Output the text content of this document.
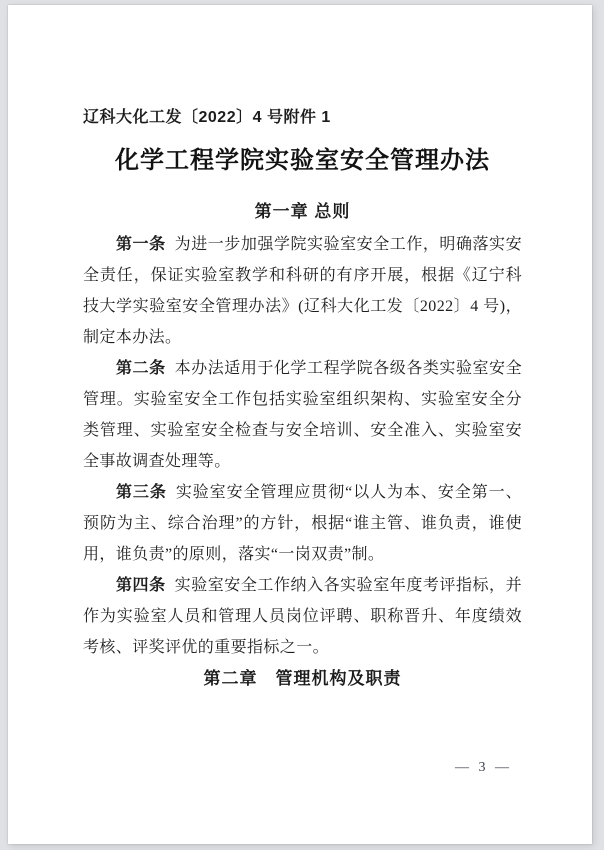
辽科大化工发〔2022〕4 号附件 1
化学工程学院实验室安全管理办法
第一章 总则

第一条 为进一步加强学院实验室安全工作，明确落实安全责任，保证实验室教学和科研的有序开展，根据《辽宁科技大学实验室安全管理办法》(辽科大化工发〔2022〕4 号)，制定本办法。

第二条 本办法适用于化学工程学院各级各类实验室安全管理。实验室安全工作包括实验室组织架构、实验室安全分类管理、实验室安全检查与安全培训、安全准入、实验室安全事故调查处理等。

第三条 实验室安全管理应贯彻“以人为本、安全第一、预防为主、综合治理”的方针，根据“谁主管、谁负责，谁使用，谁负责”的原则，落实“一岗双责”制。

第四条 实验室安全工作纳入各实验室年度考评指标，并作为实验室人员和管理人员岗位评聘、职称晋升、年度绩效考核、评奖评优的重要指标之一。

第二章　管理机构及职责
— 3 —
